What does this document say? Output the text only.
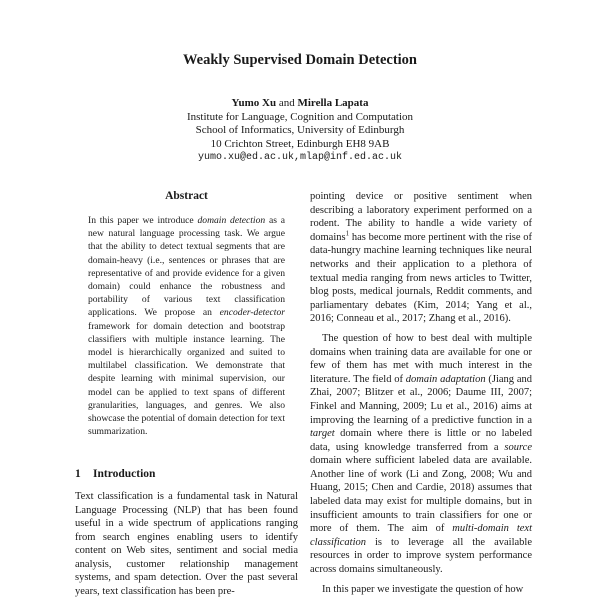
Weakly Supervised Domain Detection
Yumo Xu and Mirella Lapata
Institute for Language, Cognition and Computation
School of Informatics, University of Edinburgh
10 Crichton Street, Edinburgh EH8 9AB
yumo.xu@ed.ac.uk,mlap@inf.ed.ac.uk
Abstract
In this paper we introduce domain detection as a new natural language processing task. We argue that the ability to detect textual segments that are domain-heavy (i.e., sentences or phrases that are representative of and provide evidence for a given domain) could enhance the robustness and portability of various text classification applications. We propose an encoder-detector framework for domain detection and bootstrap classifiers with multiple instance learning. The model is hierarchically organized and suited to multilabel classification. We demonstrate that despite learning with minimal supervision, our model can be applied to text spans of different granularities, languages, and genres. We also showcase the potential of domain detection for text summarization.
1 Introduction
Text classification is a fundamental task in Natural Language Processing (NLP) that has been found useful in a wide spectrum of applications ranging from search engines enabling users to identify content on Web sites, sentiment and social media analysis, customer relationship management systems, and spam detection. Over the past several years, text classification has been pre-

pointing device or positive sentiment when describing a laboratory experiment performed on a rodent. The ability to handle a wide variety of domains$^1$ has become more pertinent with the rise of data-hungry machine learning techniques like neural networks and their application to a plethora of textual media ranging from news articles to Twitter, blog posts, medical journals, Reddit comments, and parliamentary debates (Kim, 2014; Yang et al., 2016; Conneau et al., 2017; Zhang et al., 2016).

The question of how to best deal with multiple domains when training data are available for one or few of them has met with much interest in the literature. The field of domain adaptation (Jiang and Zhai, 2007; Blitzer et al., 2006; Daume III, 2007; Finkel and Manning, 2009; Lu et al., 2016) aims at improving the learning of a predictive function in a target domain where there is little or no labeled data, using knowledge transferred from a source domain where sufficient labeled data are available. Another line of work (Li and Zong, 2008; Wu and Huang, 2015; Chen and Cardie, 2018) assumes that labeled data may exist for multiple domains, but in insufficient amounts to train classifiers for one or more of them. The aim of multi-domain text classification is to leverage all the available resources in order to improve system performance across domains simultaneously.

In this paper we investigate the question of how
